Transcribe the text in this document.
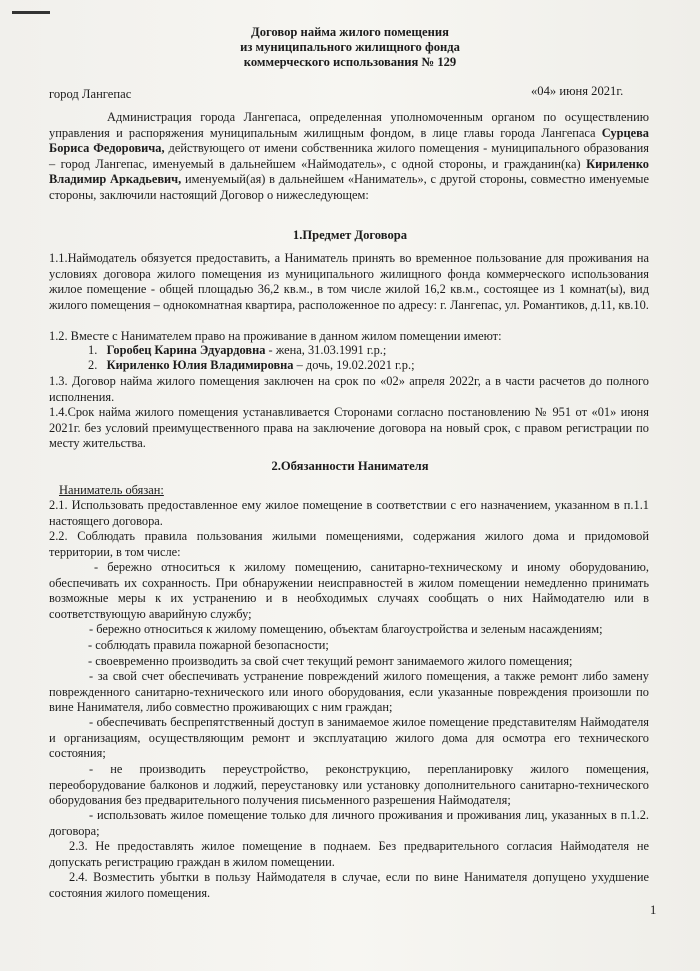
Договор найма жилого помещения
из муниципального жилищного фонда
коммерческого использования № 129
город Лангепас	«04» июня 2021г.
Администрация города Лангепаса, определенная уполномоченным органом по осуществлению управления и распоряжения муниципальным жилищным фондом, в лице главы города Лангепаса Сурцева Бориса Федоровича, действующего от имени собственника жилого помещения - муниципального образования – город Лангепас, именуемый в дальнейшем «Наймодатель», с одной стороны, и гражданин(ка) Кириленко Владимир Аркадьевич, именуемый(ая) в дальнейшем «Наниматель», с другой стороны, совместно именуемые стороны, заключили настоящий Договор о нижеследующем:
1.Предмет Договора
1.1.Наймодатель обязуется предоставить, а Наниматель принять во временное пользование для проживания на условиях договора жилого помещения из муниципального жилищного фонда коммерческого использования жилое помещение - общей площадью 36,2 кв.м., в том числе жилой 16,2 кв.м., состоящее из 1 комнат(ы), вид жилого помещения – однокомнатная квартира, расположенное по адресу: г. Лангепас, ул. Романтиков, д.11, кв.10.
1.2. Вместе с Нанимателем право на проживание в данном жилом помещении имеют:
1. Горобец Карина Эдуардовна - жена, 31.03.1991 г.р.;
2. Кириленко Юлия Владимировна – дочь, 19.02.2021 г.р.;
1.3. Договор найма жилого помещения заключен на срок по «02» апреля 2022г, а в части расчетов до полного исполнения.
1.4.Срок найма жилого помещения устанавливается Сторонами согласно постановлению № 951 от «01» июня 2021г. без условий преимущественного права на заключение договора на новый срок, с правом регистрации по месту жительства.
2.Обязанности Нанимателя
Наниматель обязан:
2.1. Использовать предоставленное ему жилое помещение в соответствии с его назначением, указанном в п.1.1 настоящего договора.
2.2. Соблюдать правила пользования жилыми помещениями, содержания жилого дома и придомовой территории, в том числе:
- бережно относиться к жилому помещению, санитарно-техническому и иному оборудованию, обеспечивать их сохранность. При обнаружении неисправностей в жилом помещении немедленно принимать возможные меры к их устранению и в необходимых случаях сообщать о них Наймодателю или в соответствующую аварийную службу;
- бережно относиться к жилому помещению, объектам благоустройства и зеленым насаждениям;
- соблюдать правила пожарной безопасности;
- своевременно производить за свой счет текущий ремонт занимаемого жилого помещения;
- за свой счет обеспечивать устранение повреждений жилого помещения, а также ремонт либо замену поврежденного санитарно-технического или иного оборудования, если указанные повреждения произошли по вине Нанимателя, либо совместно проживающих с ним граждан;
- обеспечивать беспрепятственный доступ в занимаемое жилое помещение представителям Наймодателя и организациям, осуществляющим ремонт и эксплуатацию жилого дома для осмотра его технического состояния;
- не производить переустройство, реконструкцию, перепланировку жилого помещения, переоборудование балконов и лоджий, переустановку или установку дополнительного санитарно-технического оборудования без предварительного получения письменного разрешения Наймодателя;
- использовать жилое помещение только для личного проживания и проживания лиц, указанных в п.1.2. договора;
2.3. Не предоставлять жилое помещение в поднаем. Без предварительного согласия Наймодателя не допускать регистрацию граждан в жилом помещении.
2.4. Возместить убытки в пользу Наймодателя в случае, если по вине Нанимателя допущено ухудшение состояния жилого помещения.
1
